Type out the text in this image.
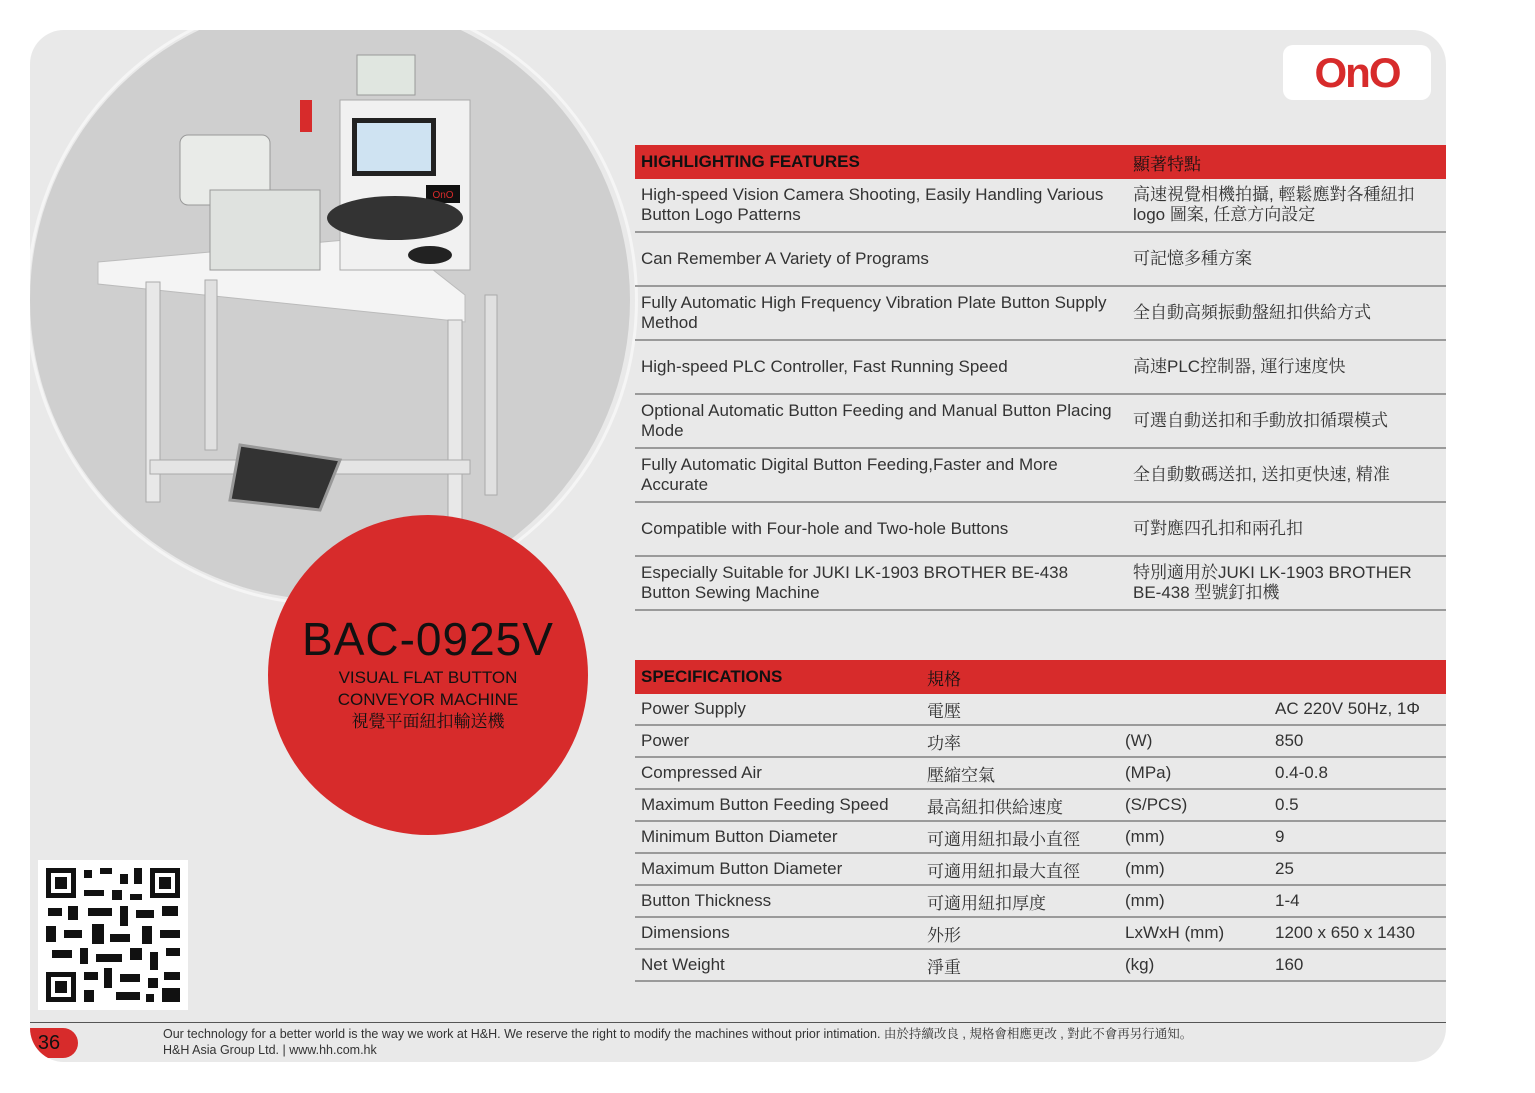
OnO
BAC-0925V
VISUAL FLAT BUTTON
CONVEYOR MACHINE
視覺平面紐扣輸送機
OnO
HIGHLIGHTING FEATURES	顯著特點
High-speed Vision Camera Shooting, Easily Handling Various Button Logo Patterns	高速視覺相機拍攝, 輕鬆應對各種紐扣logo 圖案, 任意方向設定
Can Remember A Variety of Programs	可記憶多種方案
Fully Automatic High Frequency Vibration Plate Button Supply Method	全自動高頻振動盤紐扣供給方式
High-speed PLC Controller, Fast Running Speed	高速PLC控制器, 運行速度快
Optional Automatic Button Feeding and Manual Button Placing Mode	可選自動送扣和手動放扣循環模式
Fully Automatic Digital Button Feeding,Faster and More Accurate	全自動數碼送扣, 送扣更快速, 精准
Compatible with Four-hole and Two-hole Buttons	可對應四孔扣和兩孔扣
Especially Suitable for JUKI LK-1903 BROTHER BE-438 Button Sewing Machine	特別適用於JUKI LK-1903 BROTHER BE-438 型號釘扣機
SPECIFICATIONS	規格		
Power Supply	電壓		AC 220V 50Hz, 1Φ
Power	功率	(W)	850
Compressed Air	壓縮空氣	(MPa)	0.4-0.8
Maximum Button Feeding Speed	最高紐扣供給速度	(S/PCS)	0.5
Minimum Button Diameter	可適用紐扣最小直徑	(mm)	9
Maximum Button Diameter	可適用紐扣最大直徑	(mm)	25
Button Thickness	可適用紐扣厚度	(mm)	1-4
Dimensions	外形	LxWxH (mm)	1200 x 650 x 1430
Net Weight	淨重	(kg)	160
36	Our technology for a better world is the way we work at H&H. We reserve the right to modify the machines without prior intimation. 由於持續改良 , 規格會相應更改 , 對此不會再另行通知。
H&H Asia Group Ltd. | www.hh.com.hk
